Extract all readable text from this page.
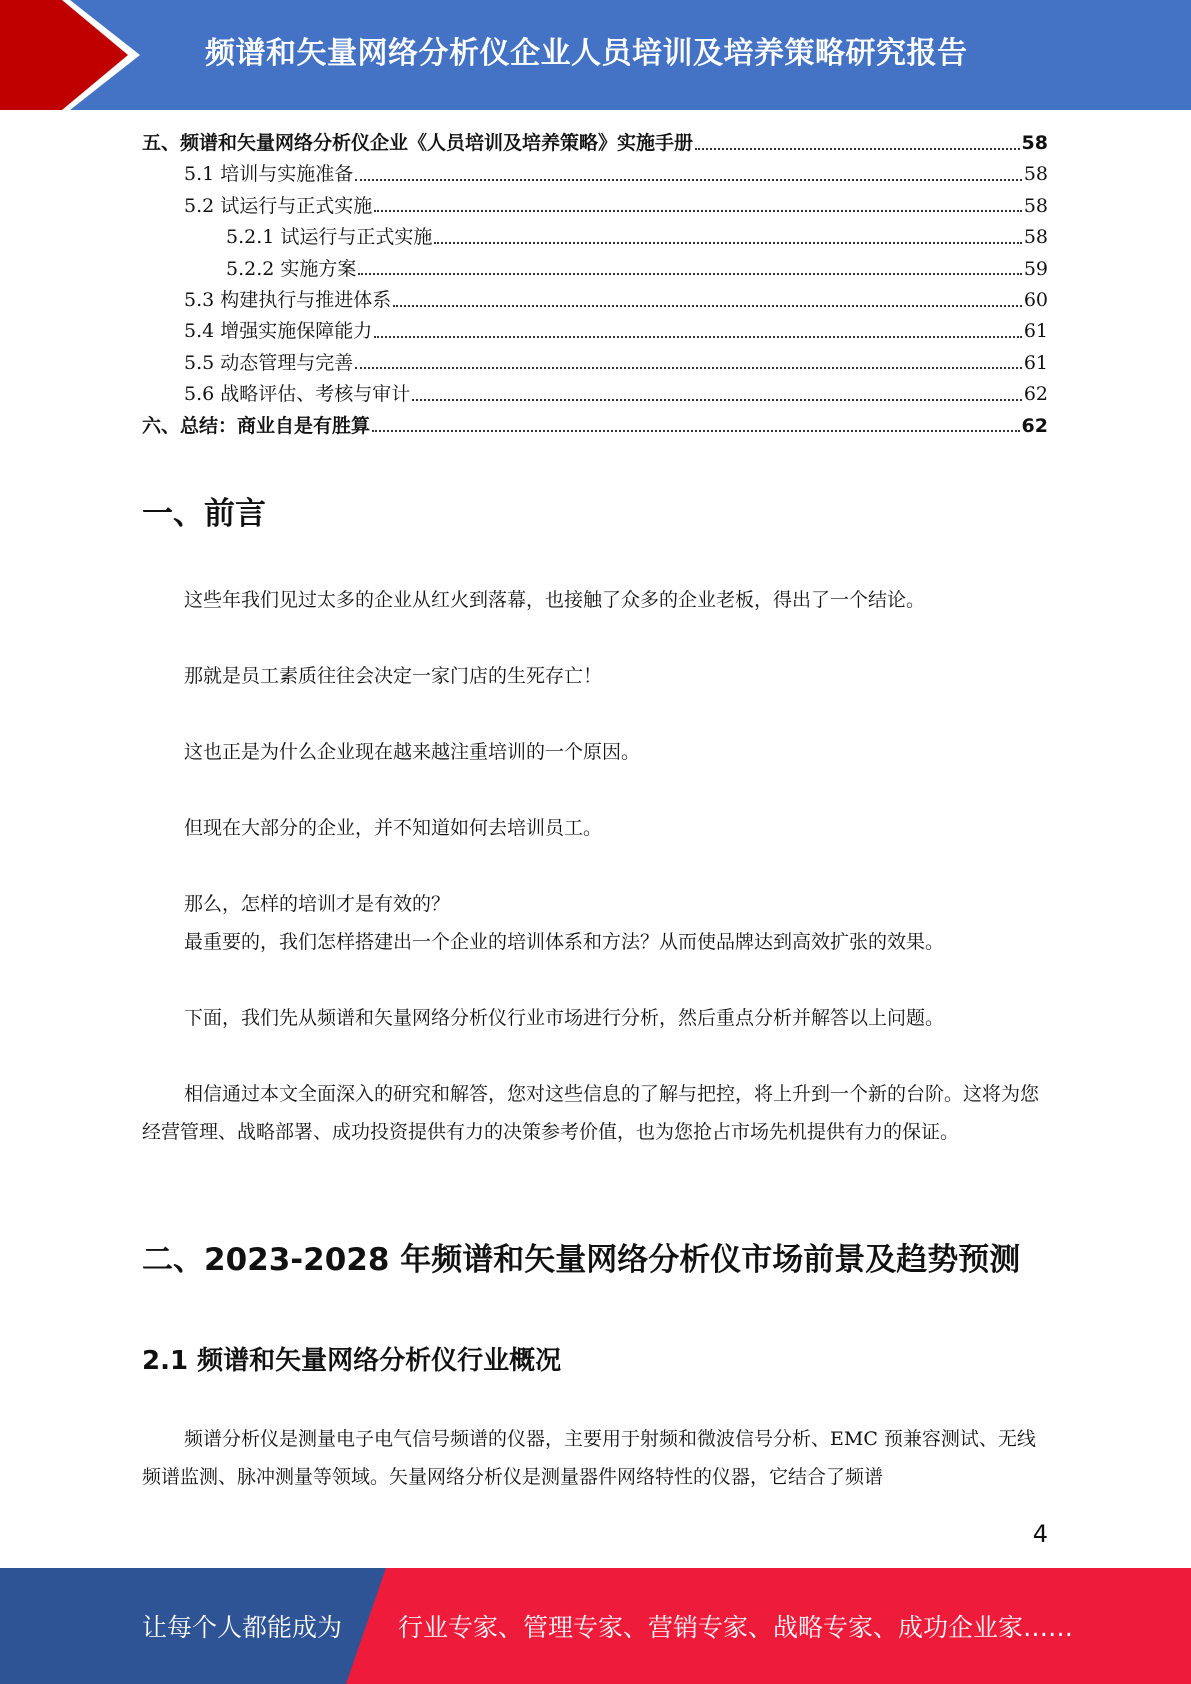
频谱和矢量网络分析仪企业人员培训及培养策略研究报告
五、频谱和矢量网络分析仪企业《人员培训及培养策略》实施手册	58
5.1 培训与实施准备	58
5.2 试运行与正式实施	58
5.2.1 试运行与正式实施	58
5.2.2 实施方案	59
5.3 构建执行与推进体系	60
5.4 增强实施保障能力	61
5.5 动态管理与完善	61
5.6 战略评估、考核与审计	62
六、总结：商业自是有胜算	62
一、前言

这些年我们见过太多的企业从红火到落幕，也接触了众多的企业老板，得出了一个结论。

那就是员工素质往往会决定一家门店的生死存亡！

这也正是为什么企业现在越来越注重培训的一个原因。

但现在大部分的企业，并不知道如何去培训员工。

那么，怎样的培训才是有效的？

最重要的，我们怎样搭建出一个企业的培训体系和方法？从而使品牌达到高效扩张的效果。

下面，我们先从频谱和矢量网络分析仪行业市场进行分析，然后重点分析并解答以上问题。

相信通过本文全面深入的研究和解答，您对这些信息的了解与把控，将上升到一个新的台阶。这将为您经营管理、战略部署、成功投资提供有力的决策参考价值，也为您抢占市场先机提供有力的保证。

二、2023-2028 年频谱和矢量网络分析仪市场前景及趋势预测
2.1 频谱和矢量网络分析仪行业概况

频谱分析仪是测量电子电气信号频谱的仪器，主要用于射频和微波信号分析、EMC 预兼容测试、无线频谱监测、脉冲测量等领域。矢量网络分析仪是测量器件网络特性的仪器，它结合了频谱

4
让每个人都能成为 行业专家、管理专家、营销专家、战略专家、成功企业家……
